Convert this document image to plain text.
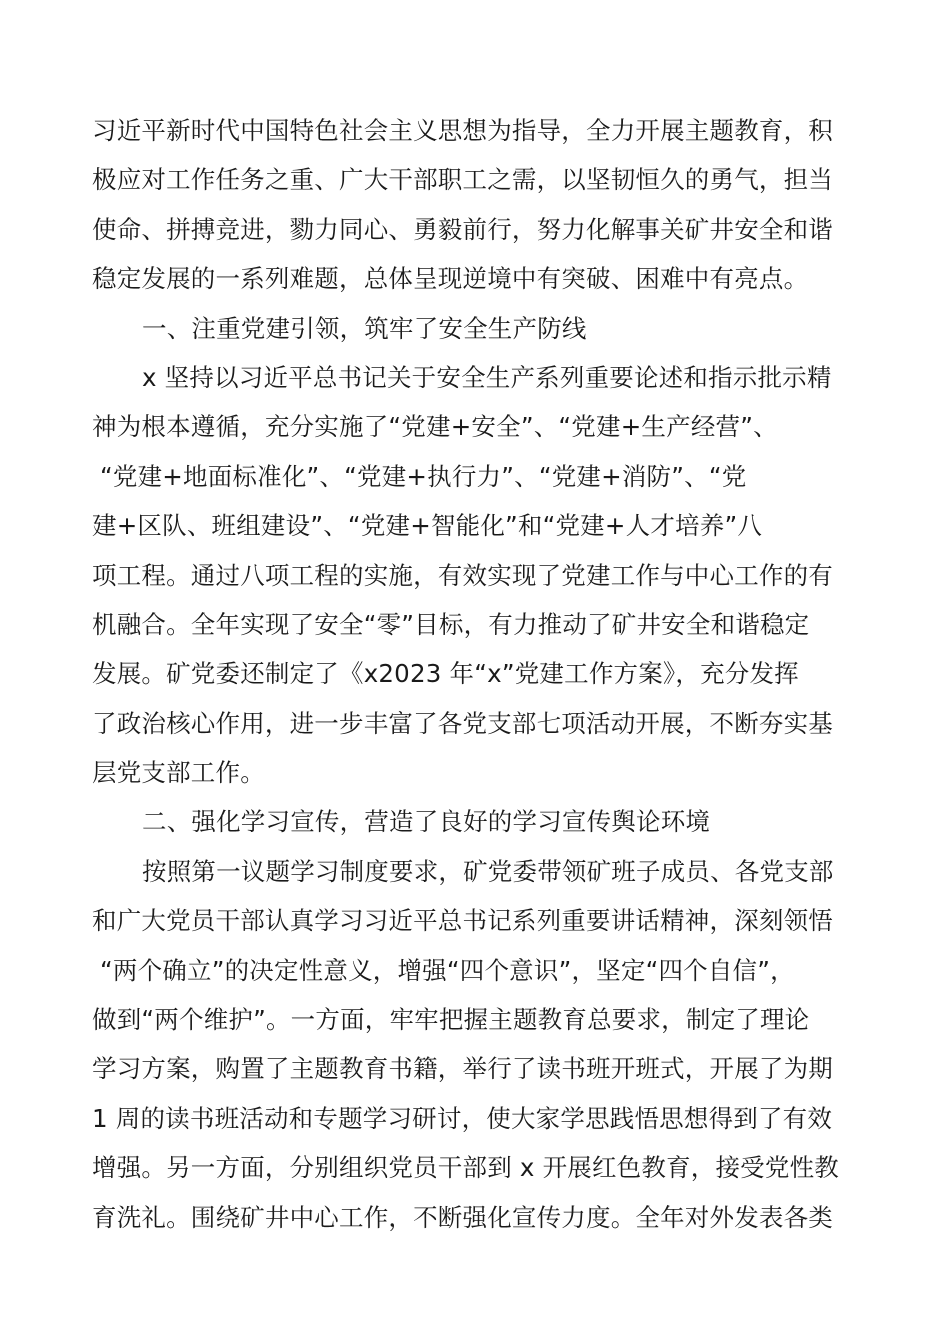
习近平新时代中国特色社会主义思想为指导，全力开展主题教育，积
极应对工作任务之重、广大干部职工之需，以坚韧恒久的勇气，担当
使命、拼搏竞进，勠力同心、勇毅前行，努力化解事关矿井安全和谐
稳定发展的一系列难题，总体呈现逆境中有突破、困难中有亮点。
一、注重党建引领，筑牢了安全生产防线
x 坚持以习近平总书记关于安全生产系列重要论述和指示批示精
神为根本遵循，充分实施了“党建+安全”、“党建+生产经营”、
“党建+地面标准化”、“党建+执行力”、“党建+消防”、“党
建+区队、班组建设”、“党建+智能化”和“党建+人才培养”八
项工程。通过八项工程的实施，有效实现了党建工作与中心工作的有
机融合。全年实现了安全“零”目标，有力推动了矿井安全和谐稳定
发展。矿党委还制定了《x2023 年“x”党建工作方案》，充分发挥
了政治核心作用，进一步丰富了各党支部七项活动开展，不断夯实基
层党支部工作。
二、强化学习宣传，营造了良好的学习宣传舆论环境
按照第一议题学习制度要求，矿党委带领矿班子成员、各党支部
和广大党员干部认真学习习近平总书记系列重要讲话精神，深刻领悟
“两个确立”的决定性意义，增强“四个意识”，坚定“四个自信”，
做到“两个维护”。一方面，牢牢把握主题教育总要求，制定了理论
学习方案，购置了主题教育书籍，举行了读书班开班式，开展了为期
1 周的读书班活动和专题学习研讨，使大家学思践悟思想得到了有效
增强。另一方面，分别组织党员干部到 x 开展红色教育，接受党性教
育洗礼。围绕矿井中心工作，不断强化宣传力度。全年对外发表各类
